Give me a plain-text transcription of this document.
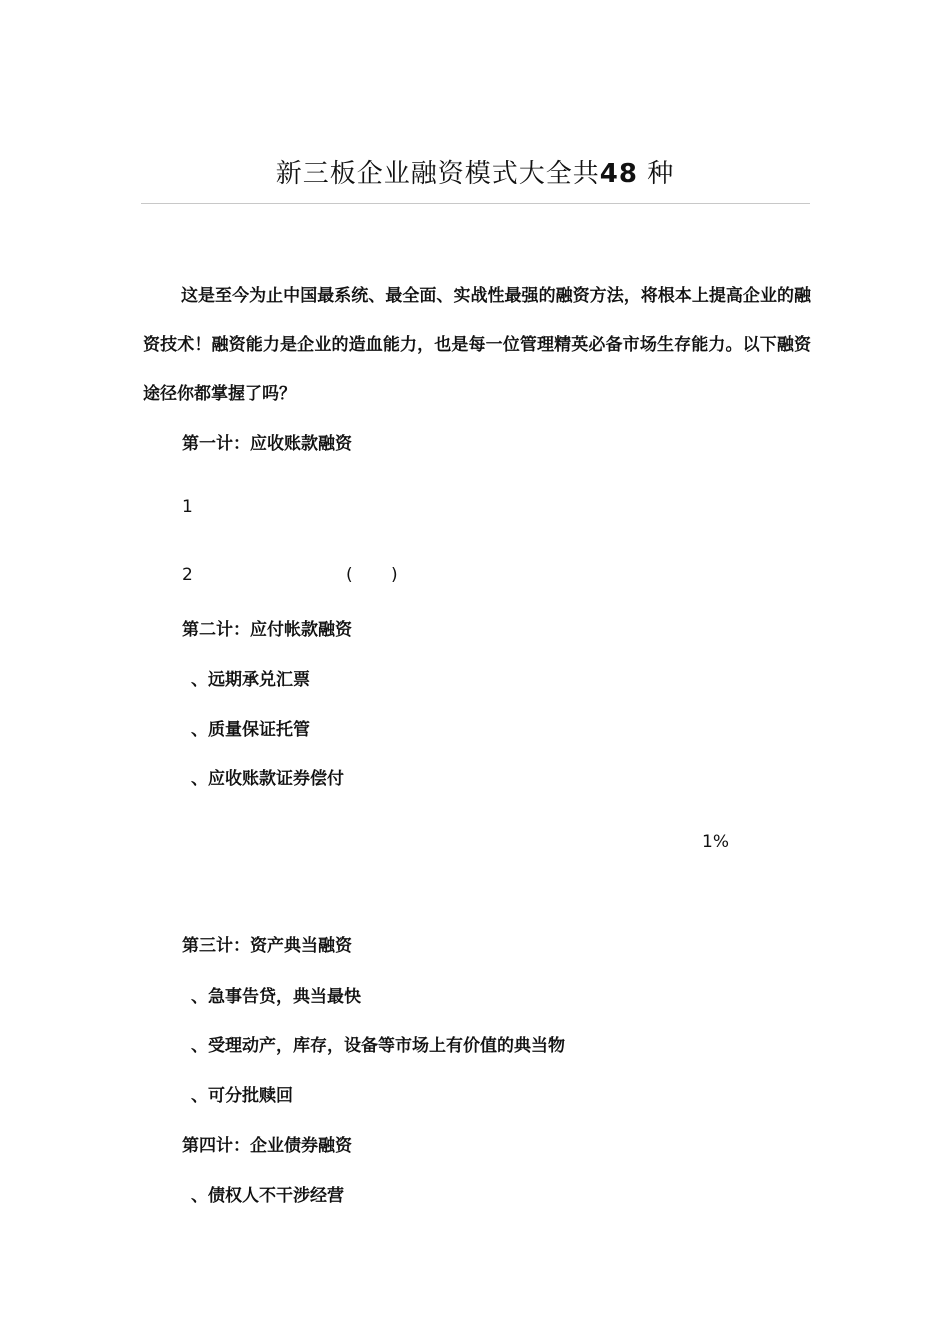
新三板企业融资模式大全共48 种

这是至今为止中国最系统、最全面、实战性最强的融资方法，将根本上提高企业的融资技术！融资能力是企业的造血能力，也是每一位管理精英必备市场生存能力。以下融资途径你都掌握了吗？

第一计：应收账款融资

1

2	( )

第二计：应付帐款融资

、远期承兑汇票

、质量保证托管

、应收账款证券偿付

1%

第三计：资产典当融资

、急事告贷，典当最快

、受理动产，库存，设备等市场上有价值的典当物

、可分批赎回

第四计：企业债券融资

、债权人不干涉经营
